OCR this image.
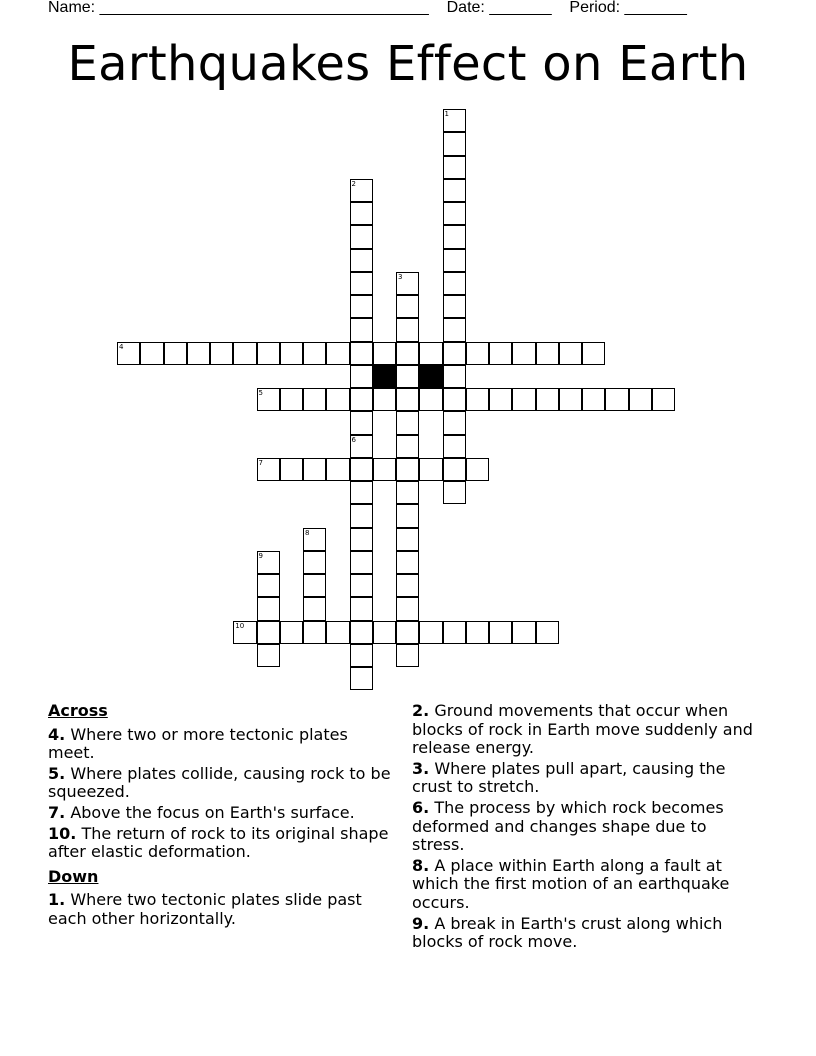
Name: _____________________________________ Date: _______ Period: _______
Earthquakes Effect on Earth
1
2
6
3
4
5
7
8
9
10
Across
4. Where two or more tectonic plates meet.
5. Where plates collide, causing rock to be squeezed.
7. Above the focus on Earth's surface.
10. The return of rock to its original shape after elastic deformation.
Down
1. Where two tectonic plates slide past each other horizontally.
2. Ground movements that occur when blocks of rock in Earth move suddenly and release energy.
3. Where plates pull apart, causing the crust to stretch.
6. The process by which rock becomes deformed and changes shape due to stress.
8. A place within Earth along a fault at which the first motion of an earthquake occurs.
9. A break in Earth's crust along which blocks of rock move.
